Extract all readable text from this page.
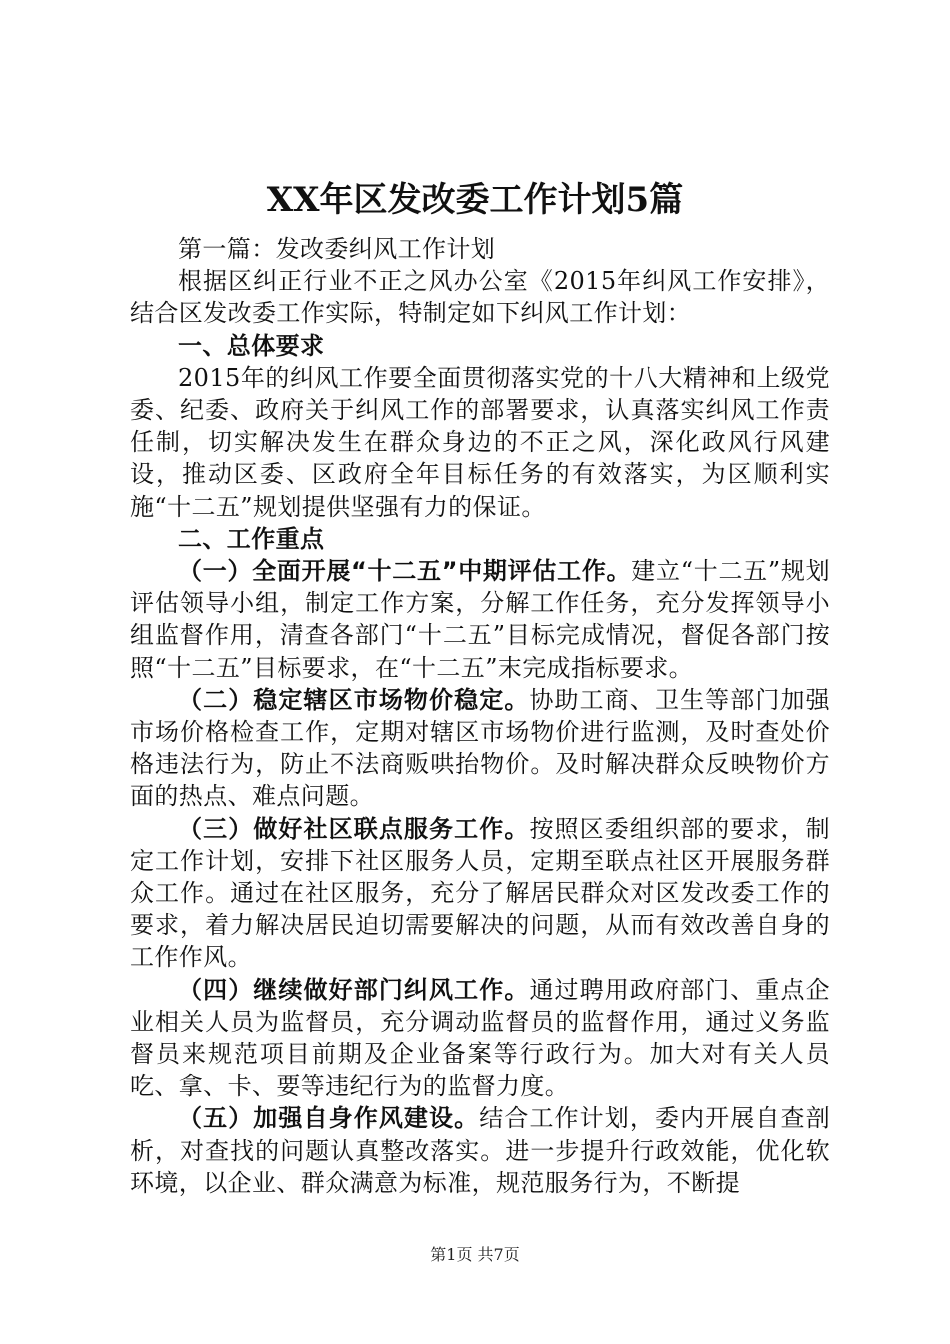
XX年区发改委工作计划5篇

第一篇：发改委纠风工作计划

根据区纠正行业不正之风办公室《2015年纠风工作安排》，结合区发改委工作实际，特制定如下纠风工作计划：

一、总体要求

2015年的纠风工作要全面贯彻落实党的十八大精神和上级党委、纪委、政府关于纠风工作的部署要求，认真落实纠风工作责任制，切实解决发生在群众身边的不正之风，深化政风行风建设，推动区委、区政府全年目标任务的有效落实，为区顺利实施“十二五”规划提供坚强有力的保证。

二、工作重点

（一）全面开展“十二五”中期评估工作。建立“十二五”规划评估领导小组，制定工作方案，分解工作任务，充分发挥领导小组监督作用，清查各部门“十二五”目标完成情况，督促各部门按照“十二五”目标要求，在“十二五”末完成指标要求。

（二）稳定辖区市场物价稳定。协助工商、卫生等部门加强市场价格检查工作，定期对辖区市场物价进行监测，及时查处价格违法行为，防止不法商贩哄抬物价。及时解决群众反映物价方面的热点、难点问题。

（三）做好社区联点服务工作。按照区委组织部的要求，制定工作计划，安排下社区服务人员，定期至联点社区开展服务群众工作。通过在社区服务，充分了解居民群众对区发改委工作的要求，着力解决居民迫切需要解决的问题，从而有效改善自身的工作作风。

（四）继续做好部门纠风工作。通过聘用政府部门、重点企业相关人员为监督员，充分调动监督员的监督作用，通过义务监督员来规范项目前期及企业备案等行政行为。加大对有关人员吃、拿、卡、要等违纪行为的监督力度。

（五）加强自身作风建设。结合工作计划，委内开展自查剖析，对查找的问题认真整改落实。进一步提升行政效能，优化软环境，以企业、群众满意为标准，规范服务行为，不断提

第1页 共7页
